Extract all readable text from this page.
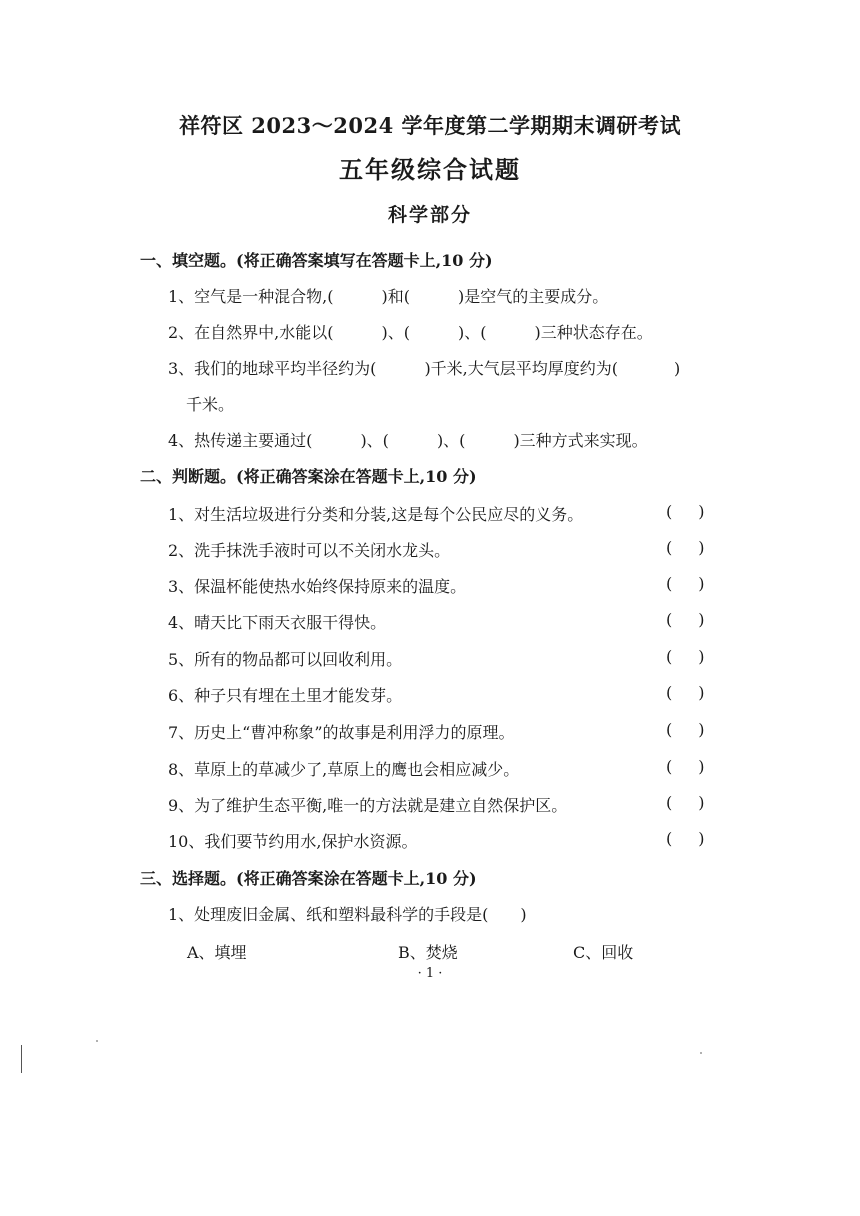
祥符区 2023～2024 学年度第二学期期末调研考试
五年级综合试题
科学部分
一、填空题。(将正确答案填写在答题卡上,10 分)
1、空气是一种混合物,(	)和(	)是空气的主要成分。
2、在自然界中,水能以(	)、(	)、(	)三种状态存在。
3、我们的地球平均半径约为(	)千米,大气层平均厚度约为(	)
千米。
4、热传递主要通过(	)、(	)、(	)三种方式来实现。
二、判断题。(将正确答案涂在答题卡上,10 分)
1、对生活垃圾进行分类和分装,这是每个公民应尽的义务。	( )
2、洗手抹洗手液时可以不关闭水龙头。	( )
3、保温杯能使热水始终保持原来的温度。	( )
4、晴天比下雨天衣服干得快。	( )
5、所有的物品都可以回收利用。	( )
6、种子只有埋在土里才能发芽。	( )
7、历史上“曹冲称象”的故事是利用浮力的原理。	( )
8、草原上的草减少了,草原上的鹰也会相应减少。	( )
9、为了维护生态平衡,唯一的方法就是建立自然保护区。	( )
10、我们要节约用水,保护水资源。	( )
三、选择题。(将正确答案涂在答题卡上,10 分)
1、处理废旧金属、纸和塑料最科学的手段是(　　)
A、填埋	B、焚烧	C、回收
· 1 ·
